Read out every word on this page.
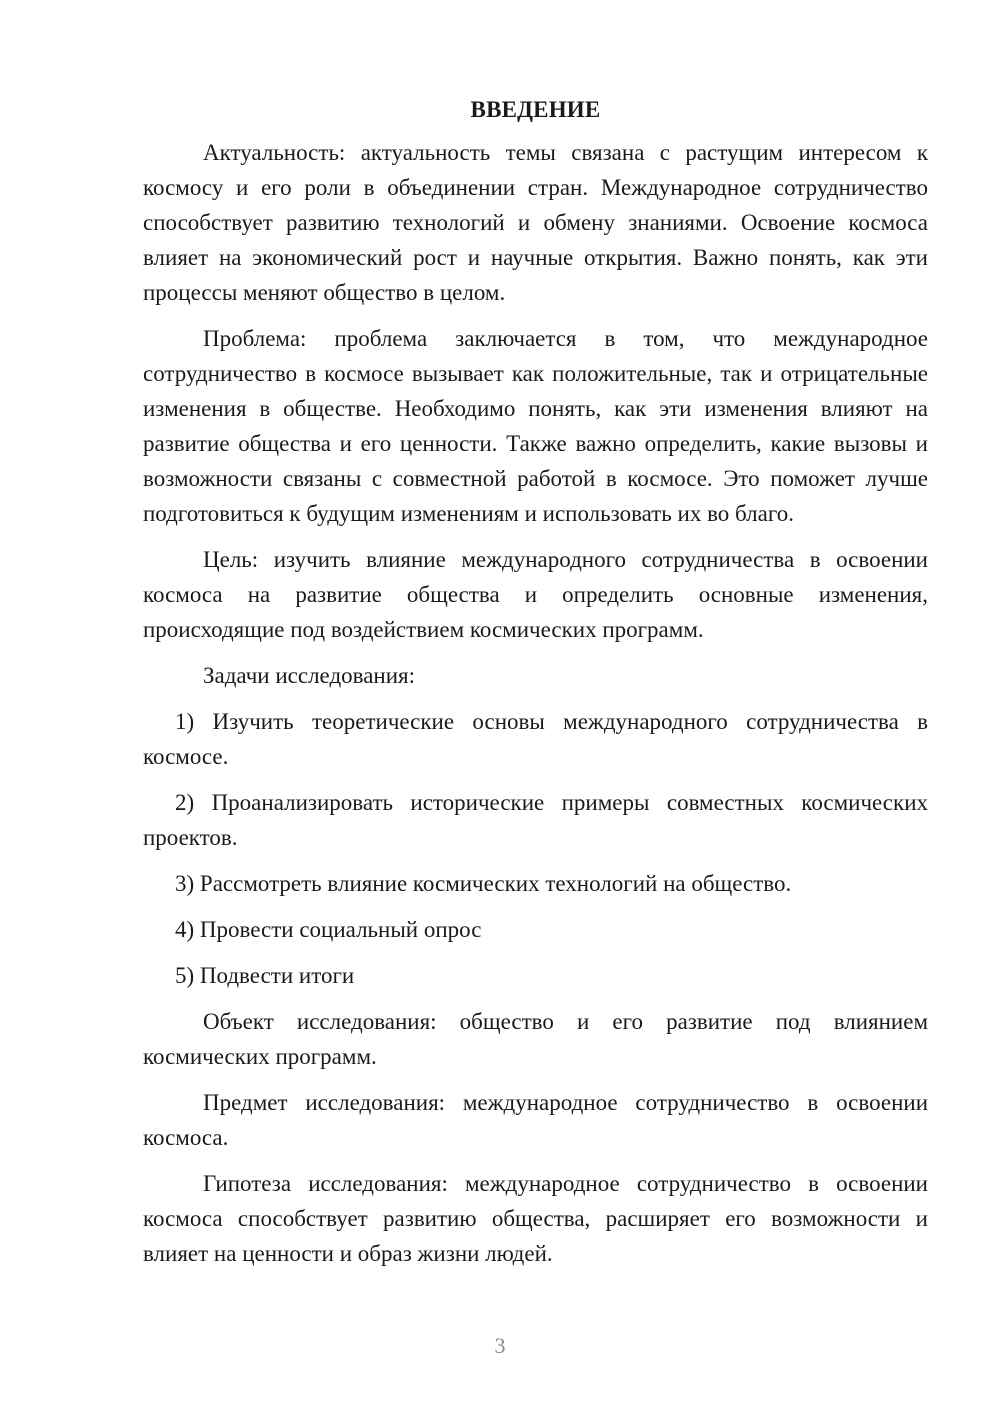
ВВЕДЕНИЕ

Актуальность: актуальность темы связана с растущим интересом к космосу и его роли в объединении стран. Международное сотрудничество способствует развитию технологий и обмену знаниями. Освоение космоса влияет на экономический рост и научные открытия. Важно понять, как эти процессы меняют общество в целом.

Проблема: проблема заключается в том, что международное сотрудничество в космосе вызывает как положительные, так и отрицательные изменения в обществе. Необходимо понять, как эти изменения влияют на развитие общества и его ценности. Также важно определить, какие вызовы и возможности связаны с совместной работой в космосе. Это поможет лучше подготовиться к будущим изменениям и использовать их во благо.

Цель: изучить влияние международного сотрудничества в освоении космоса на развитие общества и определить основные изменения, происходящие под воздействием космических программ.

Задачи исследования:

1) Изучить теоретические основы международного сотрудничества в космосе.

2) Проанализировать исторические примеры совместных космических проектов.

3) Рассмотреть влияние космических технологий на общество.

4) Провести социальный опрос

5) Подвести итоги

Объект исследования: общество и его развитие под влиянием космических программ.

Предмет исследования: международное сотрудничество в освоении космоса.

Гипотеза исследования: международное сотрудничество в освоении космоса способствует развитию общества, расширяет его возможности и влияет на ценности и образ жизни людей.

3
